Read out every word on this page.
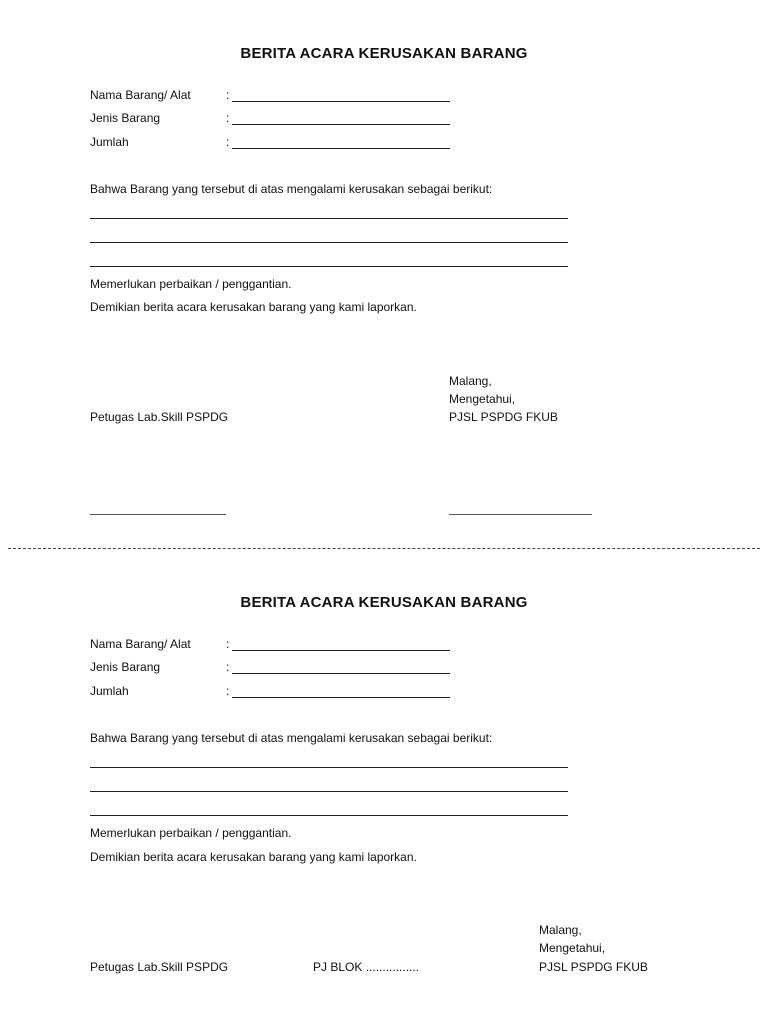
BERITA ACARA KERUSAKAN BARANG
Nama Barang/ Alat	:
Jenis Barang	:
Jumlah	:
Bahwa Barang yang tersebut di atas mengalami kerusakan sebagai berikut:
Memerlukan perbaikan / penggantian.
Demikian berita acara kerusakan barang yang kami laporkan.
Malang,
Mengetahui,
PJSL PSPDG FKUB
Petugas Lab.Skill PSPDG
BERITA ACARA KERUSAKAN BARANG
Nama Barang/ Alat	:
Jenis Barang	:
Jumlah	:
Bahwa Barang yang tersebut di atas mengalami kerusakan sebagai berikut:
Memerlukan perbaikan / penggantian.
Demikian berita acara kerusakan barang yang kami laporkan.
Malang,
Mengetahui,
PJSL PSPDG FKUB
Petugas Lab.Skill PSPDG	PJ BLOK ................
